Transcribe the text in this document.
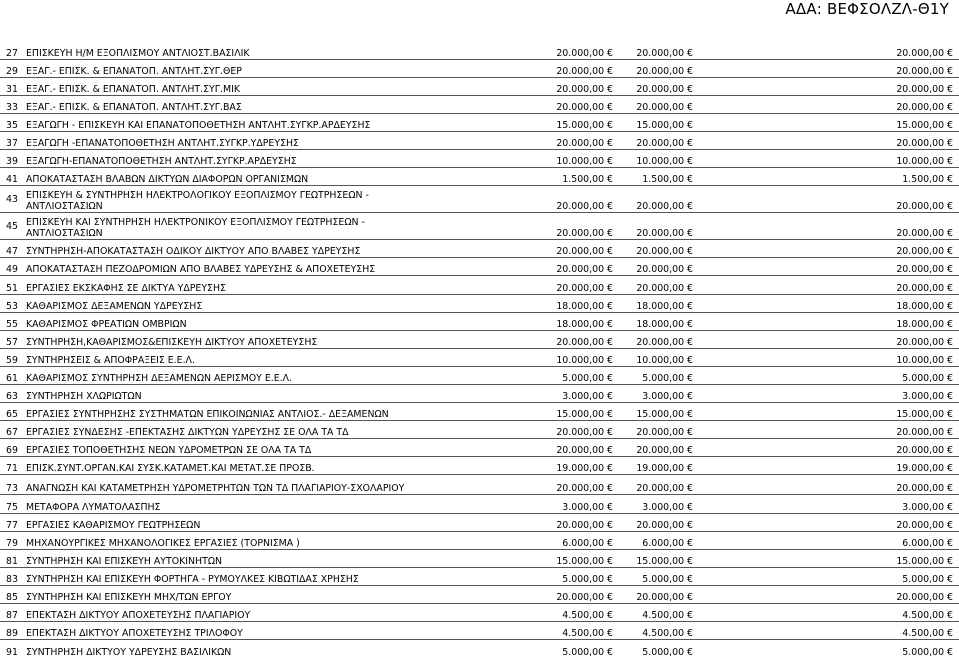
ΑΔΑ: ΒΕΦΣΟΛΖΛ-Θ1Υ
27	ΕΠΙΣΚΕΥΗ Η/Μ ΕΞΟΠΛΙΣΜΟΥ ΑΝΤΛΙΟΣΤ.ΒΑΣΙΛΙΚ		20.000,00 €	20.000,00 €		20.000,00 €
29	ΕΞΑΓ.- ΕΠΙΣΚ. & ΕΠΑΝΑΤΟΠ. ΑΝΤΛΗΤ.ΣΥΓ.ΘΕΡ		20.000,00 €	20.000,00 €		20.000,00 €
31	ΕΞΑΓ.- ΕΠΙΣΚ. & ΕΠΑΝΑΤΟΠ. ΑΝΤΛΗΤ.ΣΥΓ.ΜΙΚ		20.000,00 €	20.000,00 €		20.000,00 €
33	ΕΞΑΓ.- ΕΠΙΣΚ. & ΕΠΑΝΑΤΟΠ. ΑΝΤΛΗΤ.ΣΥΓ.ΒΑΣ		20.000,00 €	20.000,00 €		20.000,00 €
35	ΕΞΑΓΩΓΗ - ΕΠΙΣΚΕΥΗ ΚΑΙ ΕΠΑΝΑΤΟΠΟΘΕΤΗΣΗ ΑΝΤΛΗΤ.ΣΥΓΚΡ.ΑΡΔΕΥΣΗΣ		15.000,00 €	15.000,00 €		15.000,00 €
37	ΕΞΑΓΩΓΗ -ΕΠΑΝΑΤΟΠΟΘΕΤΗΣΗ ΑΝΤΛΗΤ.ΣΥΓΚΡ.ΥΔΡΕΥΣΗΣ		20.000,00 €	20.000,00 €		20.000,00 €
39	ΕΞΑΓΩΓΗ-ΕΠΑΝΑΤΟΠΟΘΕΤΗΣΗ ΑΝΤΛΗΤ.ΣΥΓΚΡ.ΑΡΔΕΥΣΗΣ		10.000,00 €	10.000,00 €		10.000,00 €
41	ΑΠΟΚΑΤΑΣΤΑΣΗ ΒΛΑΒΩΝ ΔΙΚΤΥΩΝ ΔΙΑΦΟΡΩΝ ΟΡΓΑΝΙΣΜΩΝ		1.500,00 €	1.500,00 €		1.500,00 €
43	ΕΠΙΣΚΕΥΗ & ΣΥΝΤΗΡΗΣΗ ΗΛΕΚΤΡΟΛΟΓΙΚΟΥ ΕΞΟΠΛΙΣΜΟΥ ΓΕΩΤΡΗΣΕΩΝ - ΑΝΤΛΙΟΣΤΑΣΙΩΝ		20.000,00 €	20.000,00 €		20.000,00 €
45	ΕΠΙΣΚΕΥΗ ΚΑΙ ΣΥΝΤΗΡΗΣΗ ΗΛΕΚΤΡΟΝΙΚΟΥ ΕΞΟΠΛΙΣΜΟΥ ΓΕΩΤΡΗΣΕΩΝ - ΑΝΤΛΙΟΣΤΑΣΙΩΝ		20.000,00 €	20.000,00 €		20.000,00 €
47	ΣΥΝΤΗΡΗΣΗ-ΑΠΟΚΑΤΑΣΤΑΣΗ ΟΔΙΚΟΥ ΔΙΚΤΥΟΥ ΑΠΟ ΒΛΑΒΕΣ ΥΔΡΕΥΣΗΣ		20.000,00 €	20.000,00 €		20.000,00 €
49	ΑΠΟΚΑΤΑΣΤΑΣΗ ΠΕΖΟΔΡΟΜΙΩΝ ΑΠΟ ΒΛΑΒΕΣ ΥΔΡΕΥΣΗΣ & ΑΠΟΧΕΤΕΥΣΗΣ		20.000,00 €	20.000,00 €		20.000,00 €
51	ΕΡΓΑΣΙΕΣ ΕΚΣΚΑΦΗΣ ΣΕ ΔΙΚΤΥΑ ΥΔΡΕΥΣΗΣ		20.000,00 €	20.000,00 €		20.000,00 €
53	ΚΑΘΑΡΙΣΜΟΣ ΔΕΞΑΜΕΝΩΝ ΥΔΡΕΥΣΗΣ		18.000,00 €	18.000,00 €		18.000,00 €
55	ΚΑΘΑΡΙΣΜΟΣ ΦΡΕΑΤΙΩΝ ΟΜΒΡΙΩΝ		18.000,00 €	18.000,00 €		18.000,00 €
57	ΣΥΝΤΗΡΗΣΗ,ΚΑΘΑΡΙΣΜΟΣ&ΕΠΙΣΚΕΥΗ ΔΙΚΤΥΟΥ ΑΠΟΧΕΤΕΥΣΗΣ		20.000,00 €	20.000,00 €		20.000,00 €
59	ΣΥΝΤΗΡΗΣΕΙΣ & ΑΠΟΦΡΑΞΕΙΣ Ε.Ε.Λ.		10.000,00 €	10.000,00 €		10.000,00 €
61	ΚΑΘΑΡΙΣΜΟΣ ΣΥΝΤΗΡΗΣΗ ΔΕΞΑΜΕΝΩΝ ΑΕΡΙΣΜΟΥ Ε.Ε.Λ.		5.000,00 €	5.000,00 €		5.000,00 €
63	ΣΥΝΤΗΡΗΣΗ ΧΛΩΡΙΩΤΩΝ		3.000,00 €	3.000,00 €		3.000,00 €
65	ΕΡΓΑΣΙΕΣ ΣΥΝΤΗΡΗΣΗΣ ΣΥΣΤΗΜΑΤΩΝ ΕΠΙΚΟΙΝΩΝΙΑΣ ΑΝΤΛΙΟΣ.- ΔΕΞΑΜΕΝΩΝ		15.000,00 €	15.000,00 €		15.000,00 €
67	ΕΡΓΑΣΙΕΣ ΣΥΝΔΕΣΗΣ -ΕΠΕΚΤΑΣΗΣ ΔΙΚΤΥΩΝ ΥΔΡΕΥΣΗΣ ΣΕ ΟΛΑ ΤΑ ΤΔ		20.000,00 €	20.000,00 €		20.000,00 €
69	ΕΡΓΑΣΙΕΣ ΤΟΠΟΘΕΤΗΣΗΣ ΝΕΩΝ ΥΔΡΟΜΕΤΡΩΝ ΣΕ ΟΛΑ ΤΑ ΤΔ		20.000,00 €	20.000,00 €		20.000,00 €
71	ΕΠΙΣΚ.ΣΥΝΤ.ΟΡΓΑΝ.ΚΑΙ ΣΥΣΚ.ΚΑΤΑΜΕΤ.ΚΑΙ ΜΕΤΑΤ.ΣΕ ΠΡΟΣΒ.		19.000,00 €	19.000,00 €		19.000,00 €
73	ΑΝΑΓΝΩΣΗ ΚΑΙ ΚΑΤΑΜΕΤΡΗΣΗ ΥΔΡΟΜΕΤΡΗΤΩΝ ΤΩΝ ΤΔ ΠΛΑΓΙΑΡΙΟΥ-ΣΧΟΛΑΡΙΟΥ		20.000,00 €	20.000,00 €		20.000,00 €
75	ΜΕΤΑΦΟΡΑ ΛΥΜΑΤΟΛΑΣΠΗΣ		3.000,00 €	3.000,00 €		3.000,00 €
77	ΕΡΓΑΣΙΕΣ ΚΑΘΑΡΙΣΜΟΥ ΓΕΩΤΡΗΣΕΩΝ		20.000,00 €	20.000,00 €		20.000,00 €
79	ΜΗΧΑΝΟΥΡΓΙΚΕΣ ΜΗΧΑΝΟΛΟΓΙΚΕΣ ΕΡΓΑΣΙΕΣ (ΤΟΡΝΙΣΜΑ )		6.000,00 €	6.000,00 €		6.000,00 €
81	ΣΥΝΤΗΡΗΣΗ ΚΑΙ ΕΠΙΣΚΕΥΗ ΑΥΤΟΚΙΝΗΤΩΝ		15.000,00 €	15.000,00 €		15.000,00 €
83	ΣΥΝΤΗΡΗΣΗ ΚΑΙ ΕΠΙΣΚΕΥΗ ΦΟΡΤΗΓΑ - ΡΥΜΟΥΛΚΕΣ ΚΙΒΩΤΙΔΑΣ ΧΡΗΣΗΣ		5.000,00 €	5.000,00 €		5.000,00 €
85	ΣΥΝΤΗΡΗΣΗ ΚΑΙ ΕΠΙΣΚΕΥΗ ΜΗΧ/ΤΩΝ ΕΡΓΟΥ		20.000,00 €	20.000,00 €		20.000,00 €
87	ΕΠΕΚΤΑΣΗ ΔΙΚΤΥΟΥ ΑΠΟΧΕΤΕΥΣΗΣ ΠΛΑΓΙΑΡΙΟΥ		4.500,00 €	4.500,00 €		4.500,00 €
89	ΕΠΕΚΤΑΣΗ ΔΙΚΤΥΟΥ ΑΠΟΧΕΤΕΥΣΗΣ ΤΡΙΛΟΦΟΥ		4.500,00 €	4.500,00 €		4.500,00 €
91	ΣΥΝΤΗΡΗΣΗ ΔΙΚΤΥΟΥ ΥΔΡΕΥΣΗΣ ΒΑΣΙΛΙΚΩΝ		5.000,00 €	5.000,00 €		5.000,00 €
